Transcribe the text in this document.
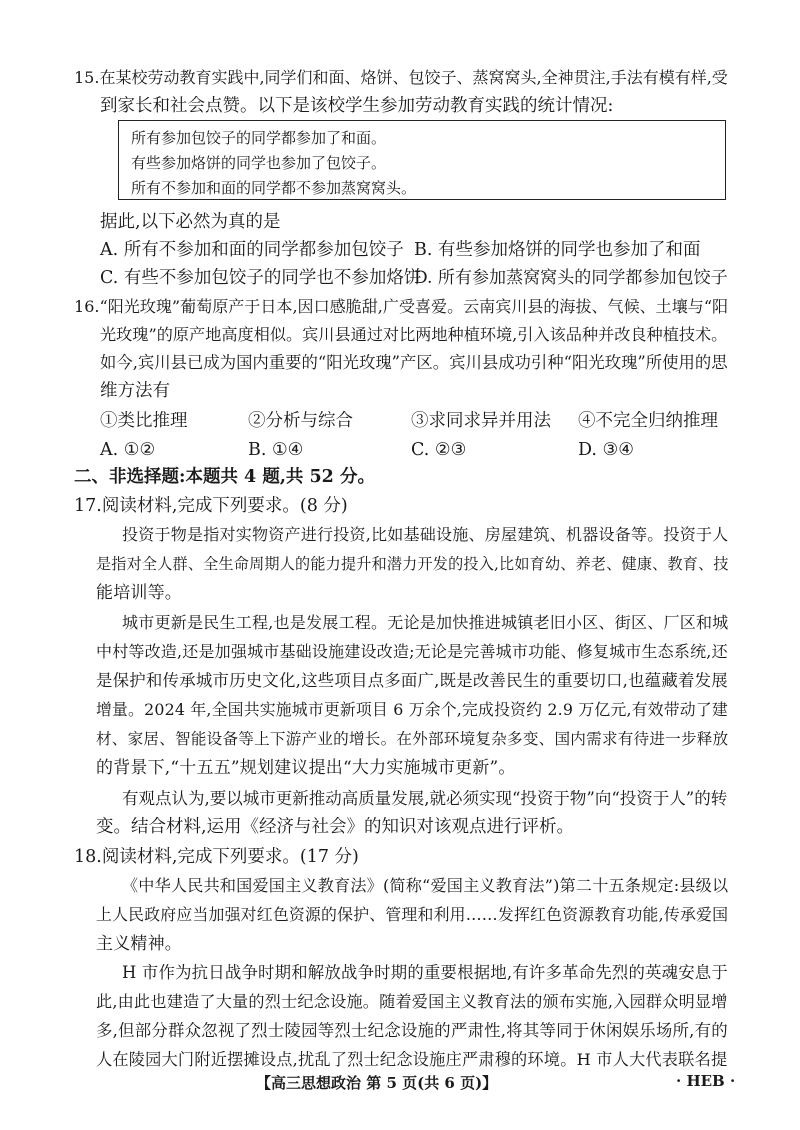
15.在某校劳动教育实践中,同学们和面、烙饼、包饺子、蒸窝窝头,全神贯注,手法有模有样,受
到家长和社会点赞。以下是该校学生参加劳动教育实践的统计情况:
所有参加包饺子的同学都参加了和面。
有些参加烙饼的同学也参加了包饺子。
所有不参加和面的同学都不参加蒸窝窝头。
据此,以下必然为真的是
A. 所有不参加和面的同学都参加包饺子 B. 有些参加烙饼的同学也参加了和面
C. 有些不参加包饺子的同学也不参加烙饼
D. 所有参加蒸窝窝头的同学都参加包饺子
16.“阳光玫瑰”葡萄原产于日本,因口感脆甜,广受喜爱。云南宾川县的海拔、气候、土壤与“阳
光玫瑰”的原产地高度相似。宾川县通过对比两地种植环境,引入该品种并改良种植技术。
如今,宾川县已成为国内重要的“阳光玫瑰”产区。宾川县成功引种“阳光玫瑰”所使用的思
维方法有
①类比推理	②分析与综合	③求同求异并用法 ④不完全归纳推理
A. ①②	B. ①④	C. ②③	D. ③④
二、非选择题:本题共 4 题,共 52 分。
17.阅读材料,完成下列要求。(8 分)
投资于物是指对实物资产进行投资,比如基础设施、房屋建筑、机器设备等。投资于人
是指对全人群、全生命周期人的能力提升和潜力开发的投入,比如育幼、养老、健康、教育、技
能培训等。
城市更新是民生工程,也是发展工程。无论是加快推进城镇老旧小区、街区、厂区和城
中村等改造,还是加强城市基础设施建设改造;无论是完善城市功能、修复城市生态系统,还
是保护和传承城市历史文化,这些项目点多面广,既是改善民生的重要切口,也蕴藏着发展
增量。2024 年,全国共实施城市更新项目 6 万余个,完成投资约 2.9 万亿元,有效带动了建
材、家居、智能设备等上下游产业的增长。在外部环境复杂多变、国内需求有待进一步释放
的背景下,“十五五”规划建议提出“大力实施城市更新”。
有观点认为,要以城市更新推动高质量发展,就必须实现“投资于物”向“投资于人”的转
变。结合材料,运用《经济与社会》的知识对该观点进行评析。
18.阅读材料,完成下列要求。(17 分)
《中华人民共和国爱国主义教育法》(简称“爱国主义教育法”)第二十五条规定:县级以
上人民政府应当加强对红色资源的保护、管理和利用……发挥红色资源教育功能,传承爱国
主义精神。
H 市作为抗日战争时期和解放战争时期的重要根据地,有许多革命先烈的英魂安息于
此,由此也建造了大量的烈士纪念设施。随着爱国主义教育法的颁布实施,入园群众明显增
多,但部分群众忽视了烈士陵园等烈士纪念设施的严肃性,将其等同于休闲娱乐场所,有的
人在陵园大门附近摆摊设点,扰乱了烈士纪念设施庄严肃穆的环境。H 市人大代表联名提
【高三思想政治 第 5 页(共 6 页)】	· HEB ·
